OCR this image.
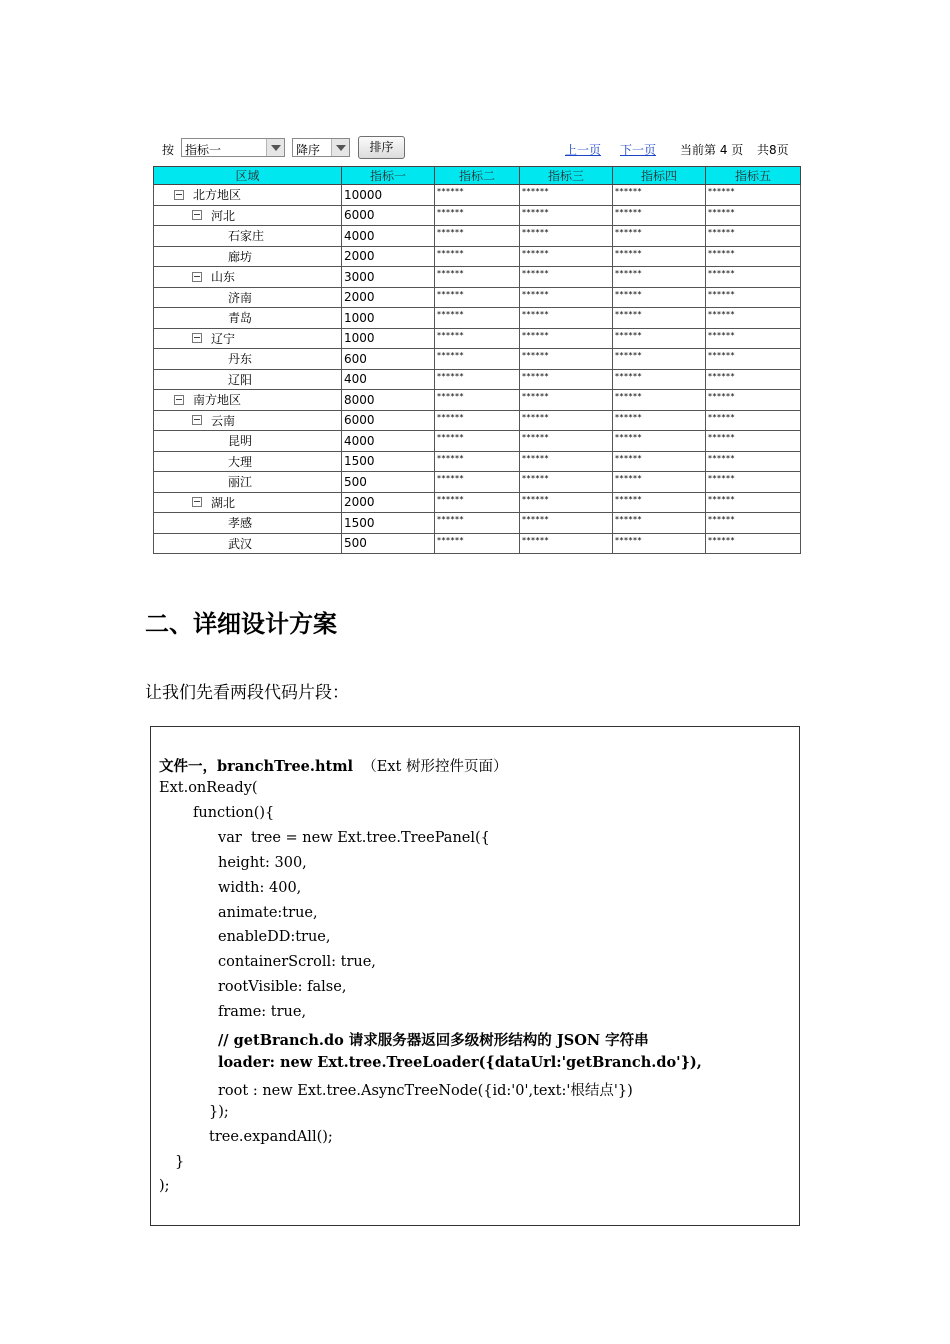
按 指标一	降序	排序	上一页 下一页 当前第 4 页 共8页
区域	指标一	指标二	指标三	指标四	指标五
北方地区	10000	******	******	******	******
河北	6000	******	******	******	******
石家庄	4000	******	******	******	******
廊坊	2000	******	******	******	******
山东	3000	******	******	******	******
济南	2000	******	******	******	******
青岛	1000	******	******	******	******
辽宁	1000	******	******	******	******
丹东	600	******	******	******	******
辽阳	400	******	******	******	******
南方地区	8000	******	******	******	******
云南	6000	******	******	******	******
昆明	4000	******	******	******	******
大理	1500	******	******	******	******
丽江	500	******	******	******	******
湖北	2000	******	******	******	******
孝感	1500	******	******	******	******
武汉	500	******	******	******	******
二、详细设计方案
让我们先看两段代码片段：
文件一，branchTree.html （Ext 树形控件页面）
Ext.onReady(
function(){
var  tree = new Ext.tree.TreePanel({
height: 300,
width: 400,
animate:true,
enableDD:true,
containerScroll: true,
rootVisible: false,
frame: true,
// getBranch.do 请求服务器返回多级树形结构的 JSON 字符串
loader: new Ext.tree.TreeLoader({dataUrl:'getBranch.do'}),
root : new Ext.tree.AsyncTreeNode({id:'0',text:'根结点'})
});
tree.expandAll();
}
);
